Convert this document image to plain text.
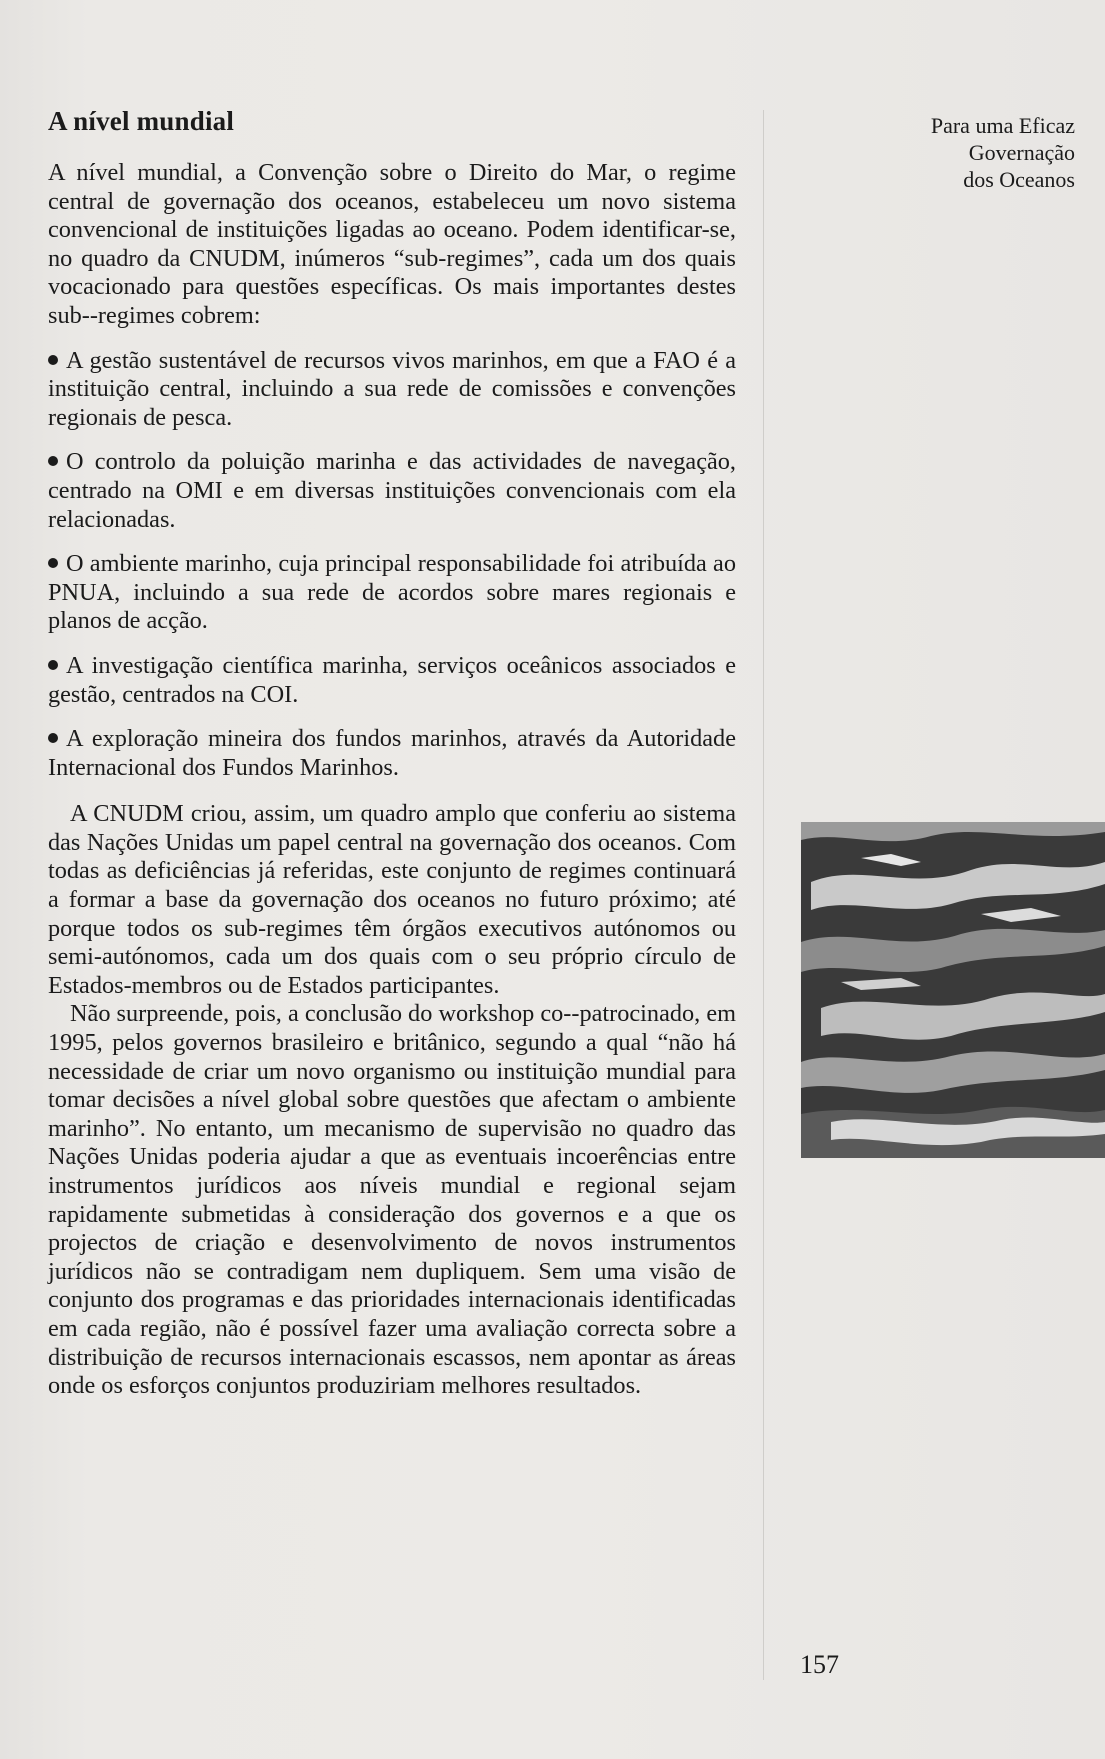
A nível mundial

A nível mundial, a Convenção sobre o Direito do Mar, o regime central de governação dos oceanos, estabeleceu um novo sistema convencional de instituições ligadas ao oceano. Podem identificar-se, no quadro da CNUDM, inúmeros “sub-regimes”, cada um dos quais vocacionado para questões específicas. Os mais importantes destes sub--regimes cobrem:

A gestão sustentável de recursos vivos marinhos, em que a FAO é a instituição central, incluindo a sua rede de comissões e convenções regionais de pesca.

O controlo da poluição marinha e das actividades de navegação, centrado na OMI e em diversas instituições convencionais com ela relacionadas.

O ambiente marinho, cuja principal responsabilidade foi atribuída ao PNUA, incluindo a sua rede de acordos sobre mares regionais e planos de acção.

A investigação científica marinha, serviços oceânicos associados e gestão, centrados na COI.

A exploração mineira dos fundos marinhos, através da Autoridade Internacional dos Fundos Marinhos.

A CNUDM criou, assim, um quadro amplo que conferiu ao sistema das Nações Unidas um papel central na governação dos oceanos. Com todas as deficiências já referidas, este conjunto de regimes continuará a formar a base da governação dos oceanos no futuro próximo; até porque todos os sub-regimes têm órgãos executivos autónomos ou semi-autónomos, cada um dos quais com o seu próprio círculo de Estados-membros ou de Estados participantes.

Não surpreende, pois, a conclusão do workshop co--patrocinado, em 1995, pelos governos brasileiro e britânico, segundo a qual “não há necessidade de criar um novo organismo ou instituição mundial para tomar decisões a nível global sobre questões que afectam o ambiente marinho”. No entanto, um mecanismo de supervisão no quadro das Nações Unidas poderia ajudar a que as eventuais incoerências entre instrumentos jurídicos aos níveis mundial e regional sejam rapidamente submetidas à consideração dos governos e a que os projectos de criação e desenvolvimento de novos instrumentos jurídicos não se contradigam nem dupliquem. Sem uma visão de conjunto dos programas e das prioridades internacionais identificadas em cada região, não é possível fazer uma avaliação correcta sobre a distribuição de recursos internacionais escassos, nem apontar as áreas onde os esforços conjuntos produziriam melhores resultados.

Para uma Eficaz
Governação
dos Oceanos
157
